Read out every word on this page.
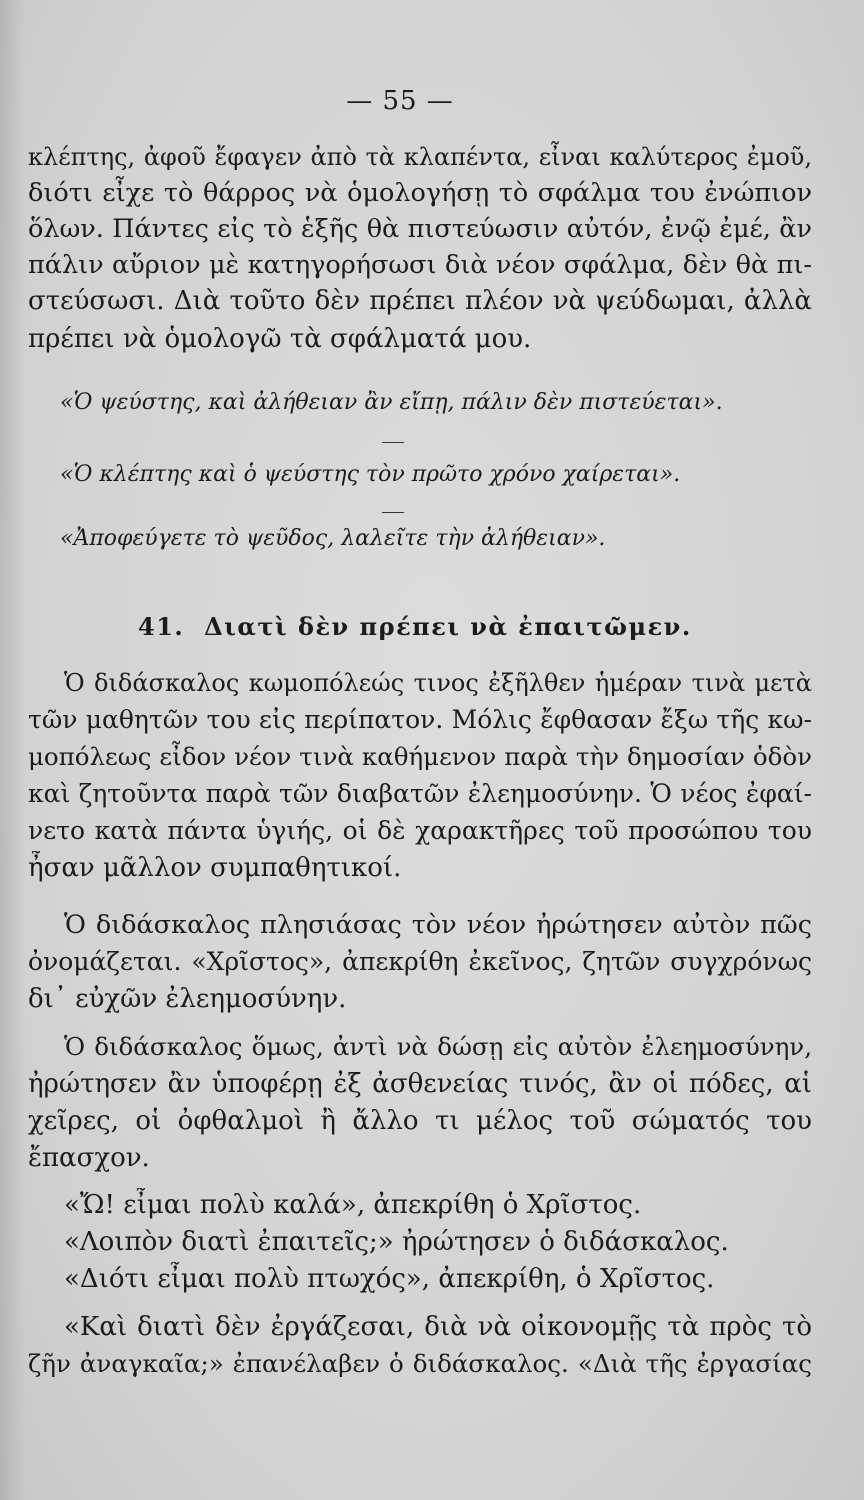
— 55 —
κλέπτης, ἀφοῦ ἔφαγεν ἀπὸ τὰ κλαπέντα, εἶναι καλύτερος ἐμοῦ,
διότι εἶχε τὸ θάρρος νὰ ὁμολογήσῃ τὸ σφάλμα του ἐνώπιον
ὅλων. Πάντες εἰς τὸ ἑξῆς θὰ πιστεύωσιν αὐτόν, ἐνῷ ἐμέ, ἂν
πάλιν αὔριον μὲ κατηγορήσωσι διὰ νέον σφάλμα, δὲν θὰ πι-
στεύσωσι. Διὰ τοῦτο δὲν πρέπει πλέον νὰ ψεύδωμαι, ἀλλὰ
πρέπει νὰ ὁμολογῶ τὰ σφάλματά μου.
«Ὁ ψεύστης, καὶ ἀλήθειαν ἂν εἴπῃ, πάλιν δὲν πιστεύεται».
«Ὁ κλέπτης καὶ ὁ ψεύστης τὸν πρῶτο χρόνο χαίρεται».
«Ἀποφεύγετε τὸ ψεῦδος, λαλεῖτε τὴν ἀλήθειαν».
41. Διατὶ δὲν πρέπει νὰ ἐπαιτῶμεν.
Ὁ διδάσκαλος κωμοπόλεώς τινος ἐξῆλθεν ἡμέραν τινὰ μετὰ
τῶν μαθητῶν του εἰς περίπατον. Μόλις ἔφθασαν ἔξω τῆς κω-
μοπόλεως εἶδον νέον τινὰ καθήμενον παρὰ τὴν δημοσίαν ὁδὸν
καὶ ζητοῦντα παρὰ τῶν διαβατῶν ἐλεημοσύνην. Ὁ νέος ἐφαί-
νετο κατὰ πάντα ὑγιής, οἱ δὲ χαρακτῆρες τοῦ προσώπου του
ἦσαν μᾶλλον συμπαθητικοί.
Ὁ διδάσκαλος πλησιάσας τὸν νέον ἠρώτησεν αὐτὸν πῶς
ὀνομάζεται. «Χρῖστος», ἀπεκρίθη ἐκεῖνος, ζητῶν συγχρόνως
δι᾽ εὐχῶν ἐλεημοσύνην.
Ὁ διδάσκαλος ὅμως, ἀντὶ νὰ δώσῃ εἰς αὐτὸν ἐλεημοσύνην,
ἠρώτησεν ἂν ὑποφέρῃ ἐξ ἀσθενείας τινός, ἂν οἱ πόδες, αἱ
χεῖρες, οἱ ὀφθαλμοὶ ἢ ἄλλο τι μέλος τοῦ σώματός του
ἔπασχον.
«Ὤ! εἶμαι πολὺ καλά», ἀπεκρίθη ὁ Χρῖστος.
«Λοιπὸν διατὶ ἐπαιτεῖς;» ἠρώτησεν ὁ διδάσκαλος.
«Διότι εἶμαι πολὺ πτωχός», ἀπεκρίθη, ὁ Χρῖστος.
«Καὶ διατὶ δὲν ἐργάζεσαι, διὰ νὰ οἰκονομῇς τὰ πρὸς τὸ
ζῆν ἀναγκαῖα;» ἐπανέλαβεν ὁ διδάσκαλος. «Διὰ τῆς ἐργασίας
